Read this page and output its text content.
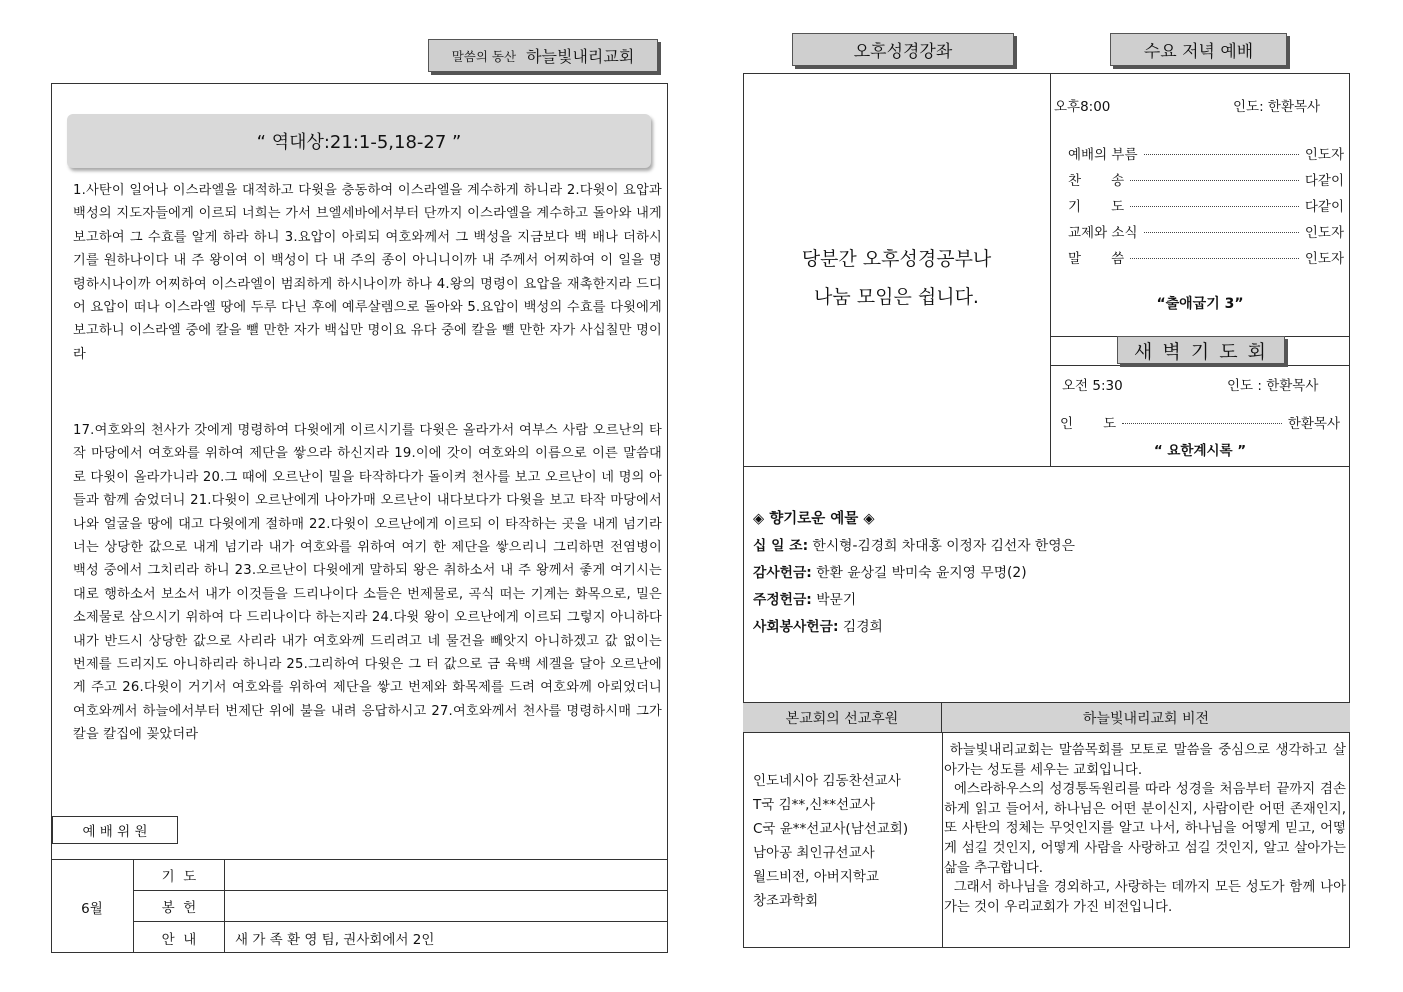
말씀의 동산 하늘빛내리교회
“ 역대상:21:1-5,18-27 ”
1.사탄이 일어나 이스라엘을 대적하고 다윗을 충동하여 이스라엘을 계수하게 하니라 2.다윗이 요압과 백성의 지도자들에게 이르되 너희는 가서 브엘세바에서부터 단까지 이스라엘을 계수하고 돌아와 내게 보고하여 그 수효를 알게 하라 하니 3.요압이 아뢰되 여호와께서 그 백성을 지금보다 백 배나 더하시기를 원하나이다 내 주 왕이여 이 백성이 다 내 주의 종이 아니니이까 내 주께서 어찌하여 이 일을 명령하시나이까 어찌하여 이스라엘이 범죄하게 하시나이까 하나 4.왕의 명령이 요압을 재촉한지라 드디어 요압이 떠나 이스라엘 땅에 두루 다닌 후에 예루살렘으로 돌아와 5.요압이 백성의 수효를 다윗에게 보고하니 이스라엘 중에 칼을 뺄 만한 자가 백십만 명이요 유다 중에 칼을 뺄 만한 자가 사십칠만 명이라
17.여호와의 천사가 갓에게 명령하여 다윗에게 이르시기를 다윗은 올라가서 여부스 사람 오르난의 타작 마당에서 여호와를 위하여 제단을 쌓으라 하신지라 19.이에 갓이 여호와의 이름으로 이른 말씀대로 다윗이 올라가니라 20.그 때에 오르난이 밀을 타작하다가 돌이켜 천사를 보고 오르난이 네 명의 아들과 함께 숨었더니 21.다윗이 오르난에게 나아가매 오르난이 내다보다가 다윗을 보고 타작 마당에서 나와 얼굴을 땅에 대고 다윗에게 절하매 22.다윗이 오르난에게 이르되 이 타작하는 곳을 내게 넘기라 너는 상당한 값으로 내게 넘기라 내가 여호와를 위하여 여기 한 제단을 쌓으리니 그리하면 전염병이 백성 중에서 그치리라 하니 23.오르난이 다윗에게 말하되 왕은 취하소서 내 주 왕께서 좋게 여기시는 대로 행하소서 보소서 내가 이것들을 드리나이다 소들은 번제물로, 곡식 떠는 기계는 화목으로, 밀은 소제물로 삼으시기 위하여 다 드리나이다 하는지라 24.다윗 왕이 오르난에게 이르되 그렇지 아니하다 내가 반드시 상당한 값으로 사리라 내가 여호와께 드리려고 네 물건을 빼앗지 아니하겠고 값 없이는 번제를 드리지도 아니하리라 하니라 25.그리하여 다윗은 그 터 값으로 금 육백 세겔을 달아 오르난에게 주고 26.다윗이 거기서 여호와를 위하여 제단을 쌓고 번제와 화목제를 드려 여호와께 아뢰었더니 여호와께서 하늘에서부터 번제단 위에 불을 내려 응답하시고 27.여호와께서 천사를 명령하시매 그가 칼을 칼집에 꽂았더라
예 배 위 원
6월	기  도	
	봉  헌	
	안  내	새 가 족 환 영 팀, 권사회에서 2인
오후성경강좌	수요 저녁 예배
당분간 오후성경공부나
나눔 모임은 쉽니다.
오후8:00	인도: 한환목사
예배의 부름	인도자
찬       송	다같이
기       도	다같이
교제와 소식	인도자
말       씀	인도자
“출애굽기 3”
새 벽 기 도 회
오전 5:30	인도 : 한환목사
인       도	한환목사
“ 요한계시록 ”
◈ 향기로운 예물 ◈
십 일 조: 한시형-김경희 차대홍 이정자 김선자 한영은
감사헌금: 한환 윤상길 박미숙 윤지영 무명(2)
주정헌금: 박문기
사회봉사헌금: 김경희
본교회의 선교후원	하늘빛내리교회 비전
인도네시아 김동찬선교사
T국 김**,신**선교사
C국 윤**선교사(남선교회)
남아공 최인규선교사
월드비전, 아버지학교
창조과학회
하늘빛내리교회는 말씀목회를 모토로 말씀을 중심으로 생각하고 살아가는 성도를 세우는 교회입니다.
에스라하우스의 성경통독원리를 따라 성경을 처음부터 끝까지 겸손하게 읽고 들어서, 하나님은 어떤 분이신지, 사람이란 어떤 존재인지, 또 사탄의 정체는 무엇인지를 알고 나서, 하나님을 어떻게 믿고, 어떻게 섬길 것인지, 어떻게 사람을 사랑하고 섬길 것인지, 알고 살아가는 삶을 추구합니다.
그래서 하나님을 경외하고, 사랑하는 데까지 모든 성도가 함께 나아가는 것이 우리교회가 가진 비전입니다.
